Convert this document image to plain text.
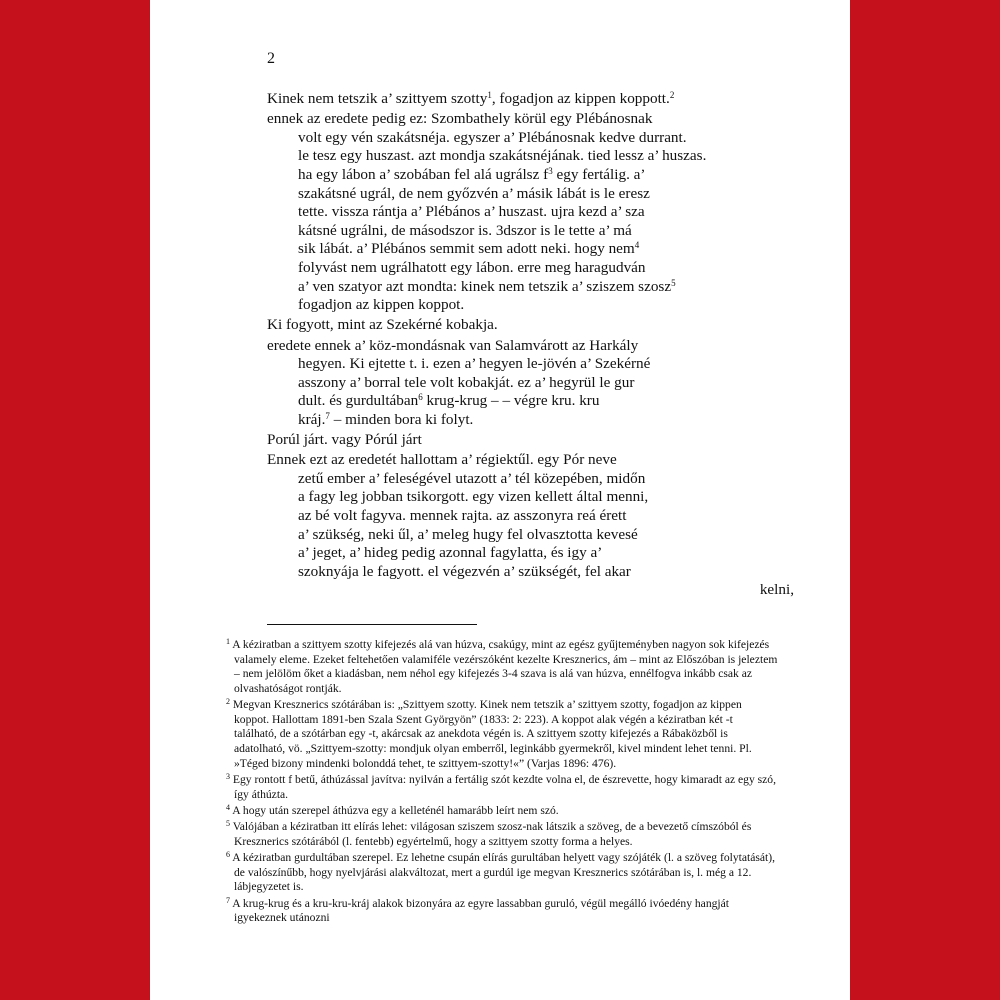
2
Kinek nem tetszik a’ szittyem szotty$^1$, fogadjon az kippen koppott.$^2$
ennek az eredete pedig ez: Szombathely körül egy Plébánosnak
volt egy vén szakátsnéja. egyszer a’ Plébánosnak kedve durrant.
le tesz egy huszast. azt mondja szakátsnéjának. tied lessz a’ huszas.
ha egy lábon a’ szobában fel alá ugrálsz $f^3$ egy fertálig. a’
szakátsné ugrál, de nem győzvén a’ másik lábát is le eresz
tette. vissza rántja a’ Plébános a’ huszast. ujra kezd a’ sza
kátsné ugrálni, de másodszor is. 3dszor is le tette a’ má
sik lábát. a’ Plébános semmit sem adott neki. hogy nem$^4$
folyvást nem ugrálhatott egy lábon. erre meg haragudván
a’ ven szatyor azt mondta: kinek nem tetszik a’ sziszem szosz$^5$
fogadjon az kippen koppot.
Ki fogyott, mint az Szekérné kobakja.
eredete ennek a’ köz-mondásnak van Salamvárott az Harkály
hegyen. Ki ejtette t. i. ezen a’ hegyen le-jövén a’ Szekérné
asszony a’ borral tele volt kobakját. ez a’ hegyrül le gur
dult. és gurdultában$^6$ krug-krug – – végre kru. kru
kráj.$^7$ – minden bora ki folyt.
Porúl járt. vagy Pórúl járt
Ennek ezt az eredetét hallottam a’ régiektűl. egy Pór neve
zetű ember a’ feleségével utazott a’ tél közepében, midőn
a fagy leg jobban tsikorgott. egy vizen kellett által menni,
az bé volt fagyva. mennek rajta. az asszonyra reá érett
a’ szükség, neki űl, a’ meleg hugy fel olvasztotta kevesé
a’ jeget, a’ hideg pedig azonnal fagylatta, és igy a’
szoknyája le fagyott. el végezvén a’ szükségét, fel akar
kelni,
$^1$ A kéziratban a szittyem szotty kifejezés alá van húzva, csakúgy, mint az egész gyűjteményben nagyon sok kifejezés valamely eleme. Ezeket feltehetően valamiféle vezérszóként kezelte Kresznerics, ám – mint az Előszóban is jeleztem – nem jelölöm őket a kiadásban, nem néhol egy kifejezés 3-4 szava is alá van húzva, ennélfogva inkább csak az olvashatóságot rontják.
$^2$ Megvan Kresznerics szótárában is: „Szittyem szotty. Kinek nem tetszik a’ szittyem szotty, fogadjon az kippen koppot. Hallottam 1891-ben Szala Szent Györgyön” (1833: 2: 223). A koppot alak végén a kéziratban két -t található, de a szótárban egy -t, akárcsak az anekdota végén is. A szittyem szotty kifejezés a Rábaközből is adatolható, vö. „Szittyem-szotty: mondjuk olyan emberről, leginkább gyermekről, kivel mindent lehet tenni. Pl. »Téged bizony mindenki bolonddá tehet, te szittyem-szotty!«” (Varjas 1896: 476).
$^3$ Egy rontott f betű, áthúzással javítva: nyilván a fertálig szót kezdte volna el, de észrevette, hogy kimaradt az egy szó, így áthúzta.
$^4$ A hogy után szerepel áthúzva egy a kelleténél hamarább leírt nem szó.
$^5$ Valójában a kéziratban itt elírás lehet: világosan sziszem szosz-nak látszik a szöveg, de a bevezető címszóból és Kresznerics szótárából (l. fentebb) egyértelmű, hogy a szittyem szotty forma a helyes.
$^6$ A kéziratban gurdultában szerepel. Ez lehetne csupán elírás gurultában helyett vagy szójáték (l. a szöveg folytatását), de valószínűbb, hogy nyelvjárási alakváltozat, mert a gurdúl ige megvan Kresznerics szótárában is, l. még a 12. lábjegyzetet is.
$^7$ A krug-krug és a kru-kru-kráj alakok bizonyára az egyre lassabban guruló, végül megálló ivóedény hangját igyekeznek utánozni
